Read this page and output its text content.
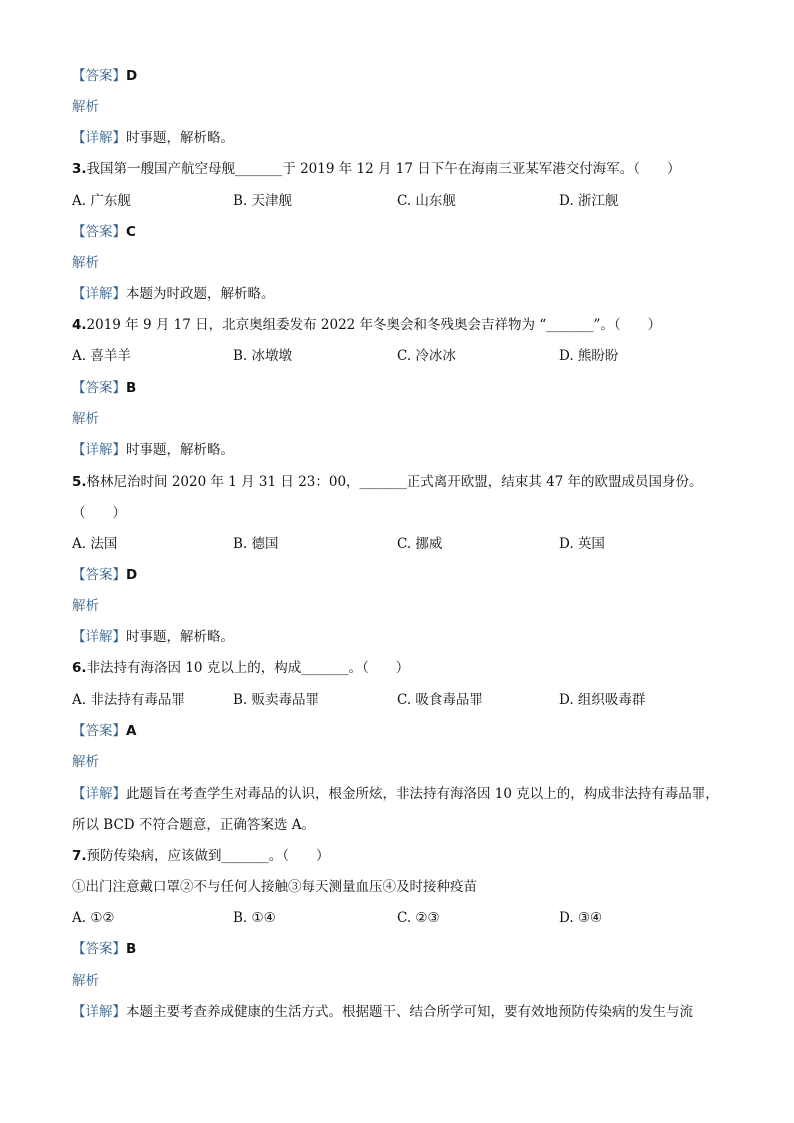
【答案】D
解析
【详解】时事题，解析略。
3.我国第一艘国产航空母舰_______于 2019 年 12 月 17 日下午在海南三亚某军港交付海军。（　　）
A. 广东舰	B. 天津舰	C. 山东舰	D. 浙江舰
【答案】C
解析
【详解】本题为时政题，解析略。
4.2019 年 9 月 17 日，北京奥组委发布 2022 年冬奥会和冬残奥会吉祥物为 “_______”。（　　）
A. 喜羊羊	B. 冰墩墩	C. 冷冰冰	D. 熊盼盼
【答案】B
解析
【详解】时事题，解析略。
5.格林尼治时间 2020 年 1 月 31 日 23：00，_______正式离开欧盟，结束其 47 年的欧盟成员国身份。
（　　）
A. 法国	B. 德国	C. 挪威	D. 英国
【答案】D
解析
【详解】时事题，解析略。
6.非法持有海洛因 10 克以上的，构成_______。（　　）
A. 非法持有毒品罪	B. 贩卖毒品罪	C. 吸食毒品罪	D. 组织吸毒群
【答案】A
解析
【详解】此题旨在考查学生对毒品的认识，根金所炫，非法持有海洛因 10 克以上的，构成非法持有毒品罪，
所以 BCD 不符合题意，正确答案选 A。
7.预防传染病，应该做到_______。（　　）
①出门注意戴口罩②不与任何人接触③每天测量血压④及时接种疫苗
A. ①②	B. ①④	C. ②③	D. ③④
【答案】B
解析
【详解】本题主要考查养成健康的生活方式。根据题干、结合所学可知，要有效地预防传染病的发生与流
